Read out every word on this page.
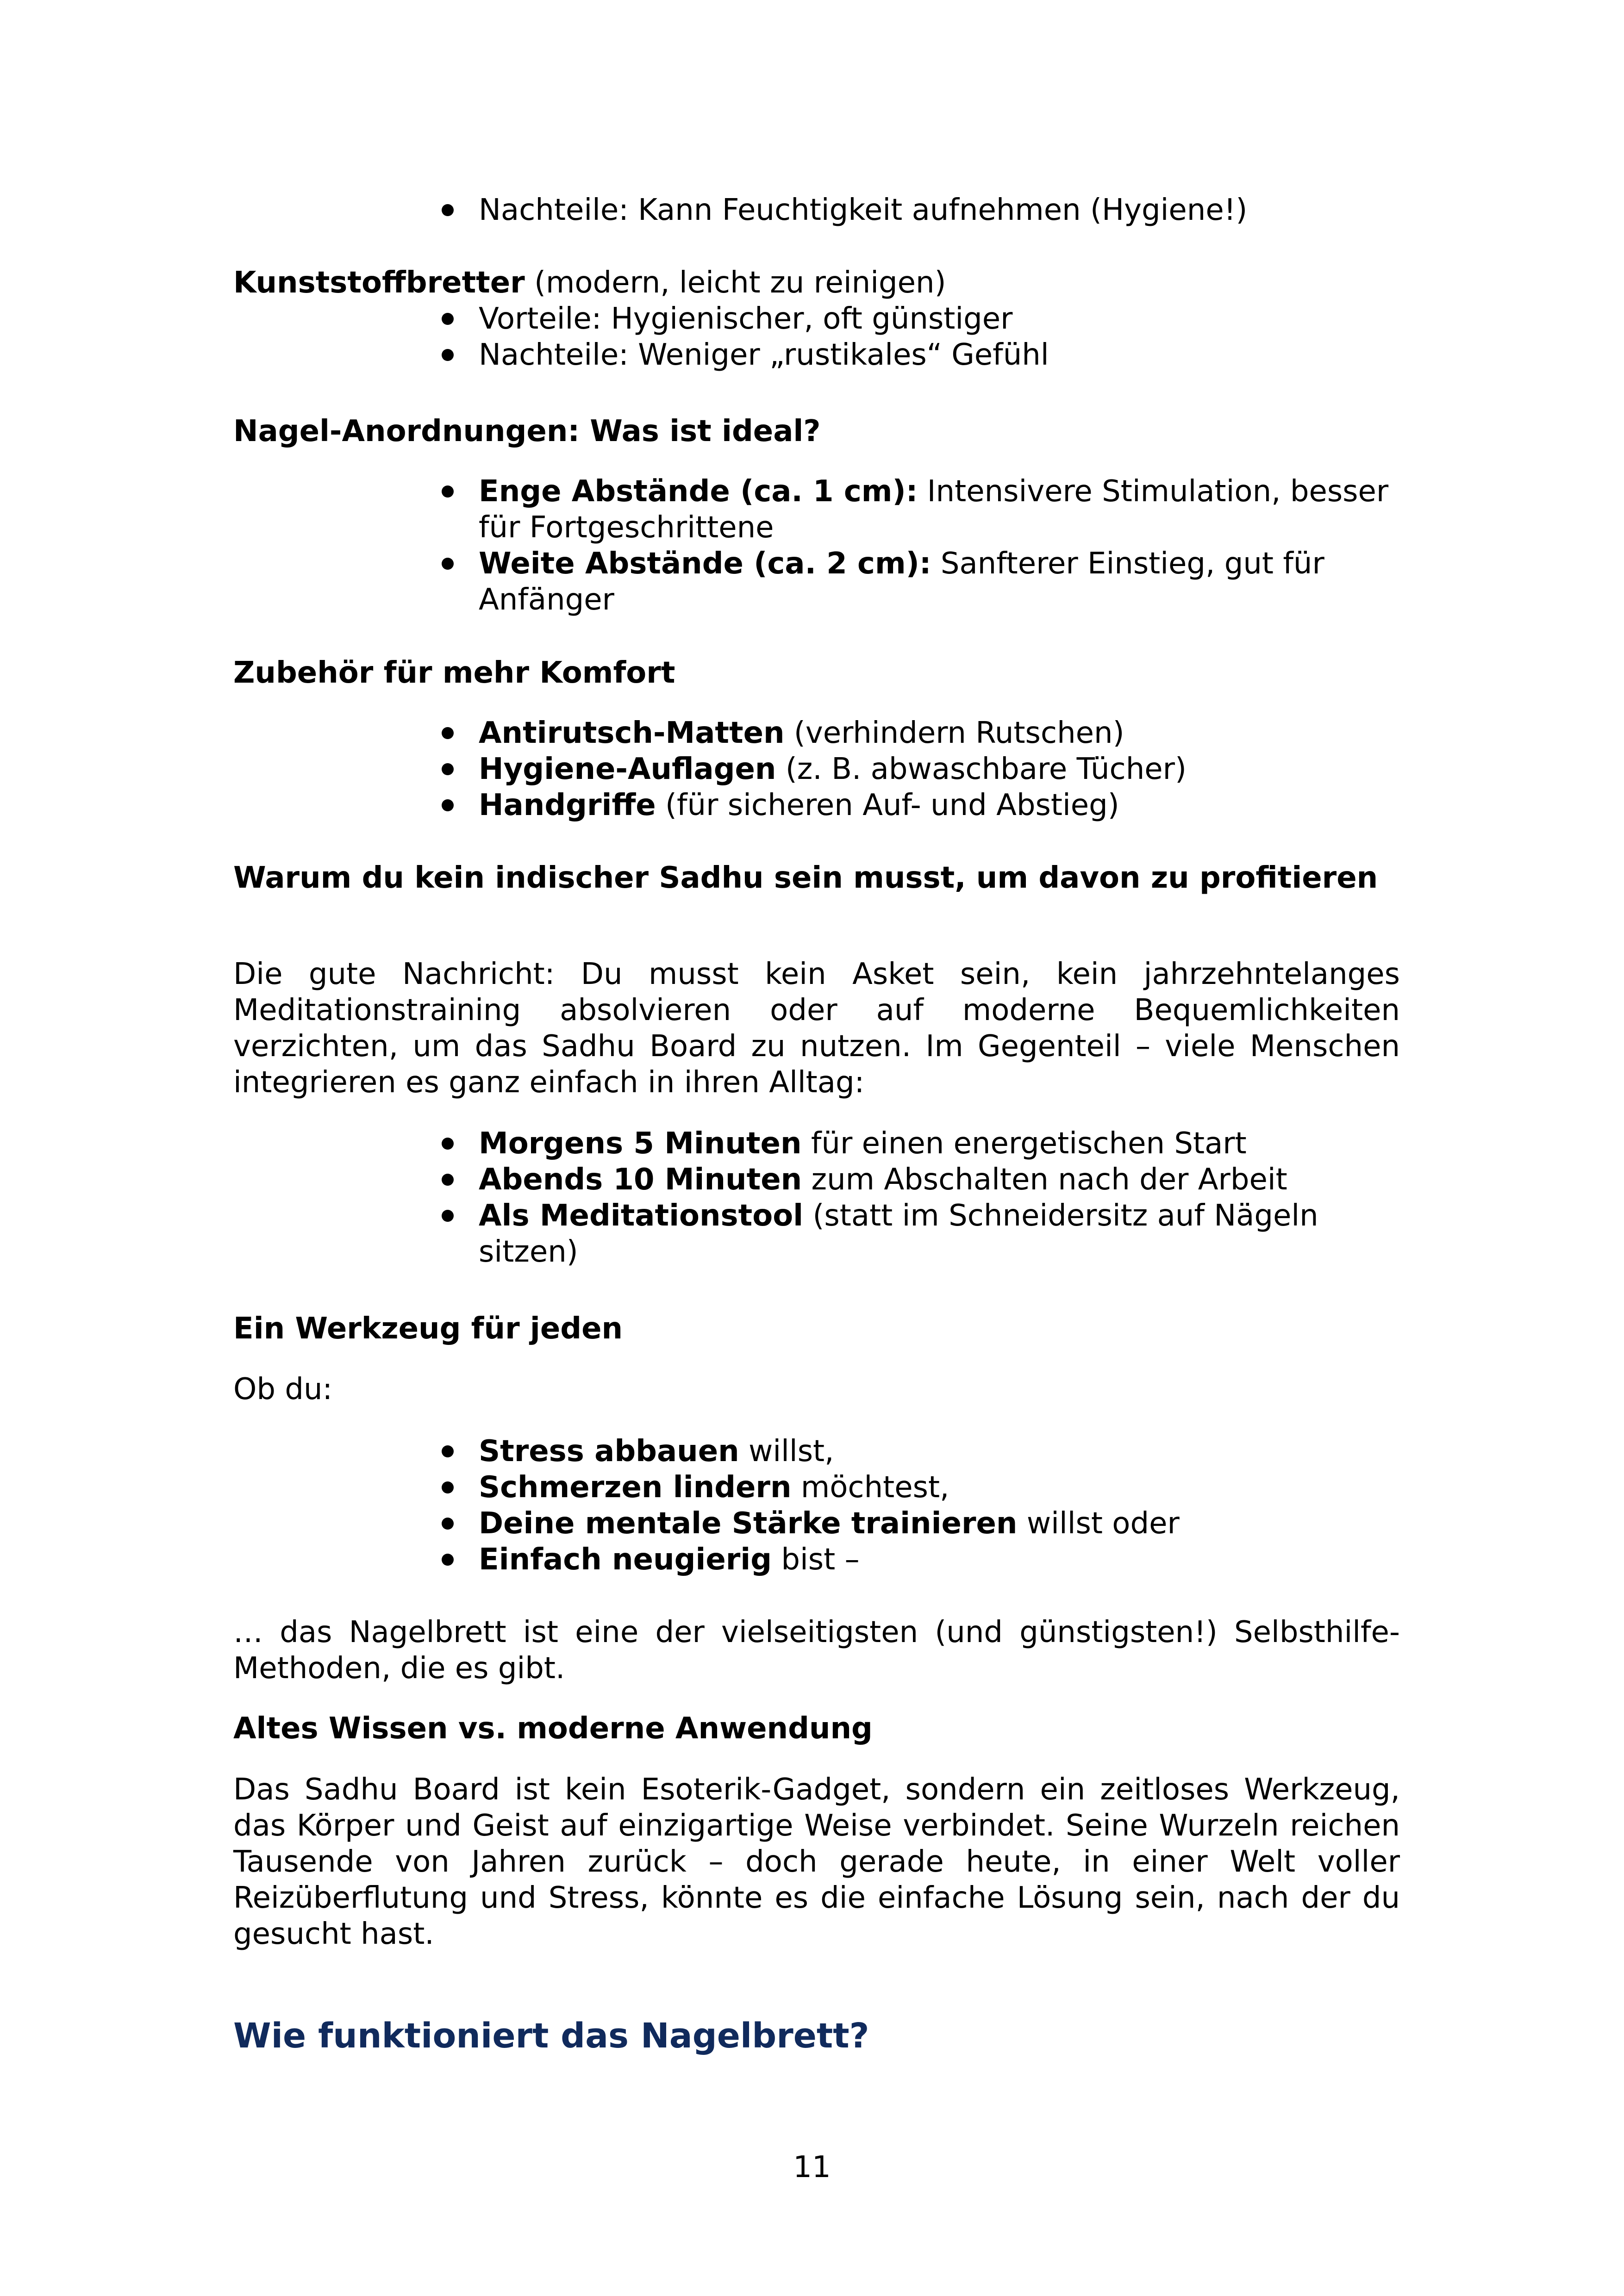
Nachteile: Kann Feuchtigkeit aufnehmen (Hygiene!)

Kunststoffbretter (modern, leicht zu reinigen)

Vorteile: Hygienischer, oft günstiger
Nachteile: Weniger „rustikales“ Gefühl

Nagel-Anordnungen: Was ist ideal?

Enge Abstände (ca. 1 cm): Intensivere Stimulation, besser für Fortgeschrittene
Weite Abstände (ca. 2 cm): Sanfterer Einstieg, gut für Anfänger

Zubehör für mehr Komfort

Antirutsch-Matten (verhindern Rutschen)
Hygiene-Auflagen (z. B. abwaschbare Tücher)
Handgriffe (für sicheren Auf- und Abstieg)

Warum du kein indischer Sadhu sein musst, um davon zu profitieren

Die gute Nachricht: Du musst kein Asket sein, kein jahrzehntelanges Meditationstraining absolvieren oder auf moderne Bequemlichkeiten verzichten, um das Sadhu Board zu nutzen. Im Gegenteil – viele Menschen integrieren es ganz einfach in ihren Alltag:

Morgens 5 Minuten für einen energetischen Start
Abends 10 Minuten zum Abschalten nach der Arbeit
Als Meditationstool (statt im Schneidersitz auf Nägeln sitzen)

Ein Werkzeug für jeden

Ob du:

Stress abbauen willst,
Schmerzen lindern möchtest,
Deine mentale Stärke trainieren willst oder
Einfach neugierig bist –

… das Nagelbrett ist eine der vielseitigsten (und günstigsten!) Selbsthilfe-Methoden, die es gibt.

Altes Wissen vs. moderne Anwendung

Das Sadhu Board ist kein Esoterik-Gadget, sondern ein zeitloses Werkzeug, das Körper und Geist auf einzigartige Weise verbindet. Seine Wurzeln reichen Tausende von Jahren zurück – doch gerade heute, in einer Welt voller Reizüberflutung und Stress, könnte es die einfache Lösung sein, nach der du gesucht hast.

Wie funktioniert das Nagelbrett?

11
